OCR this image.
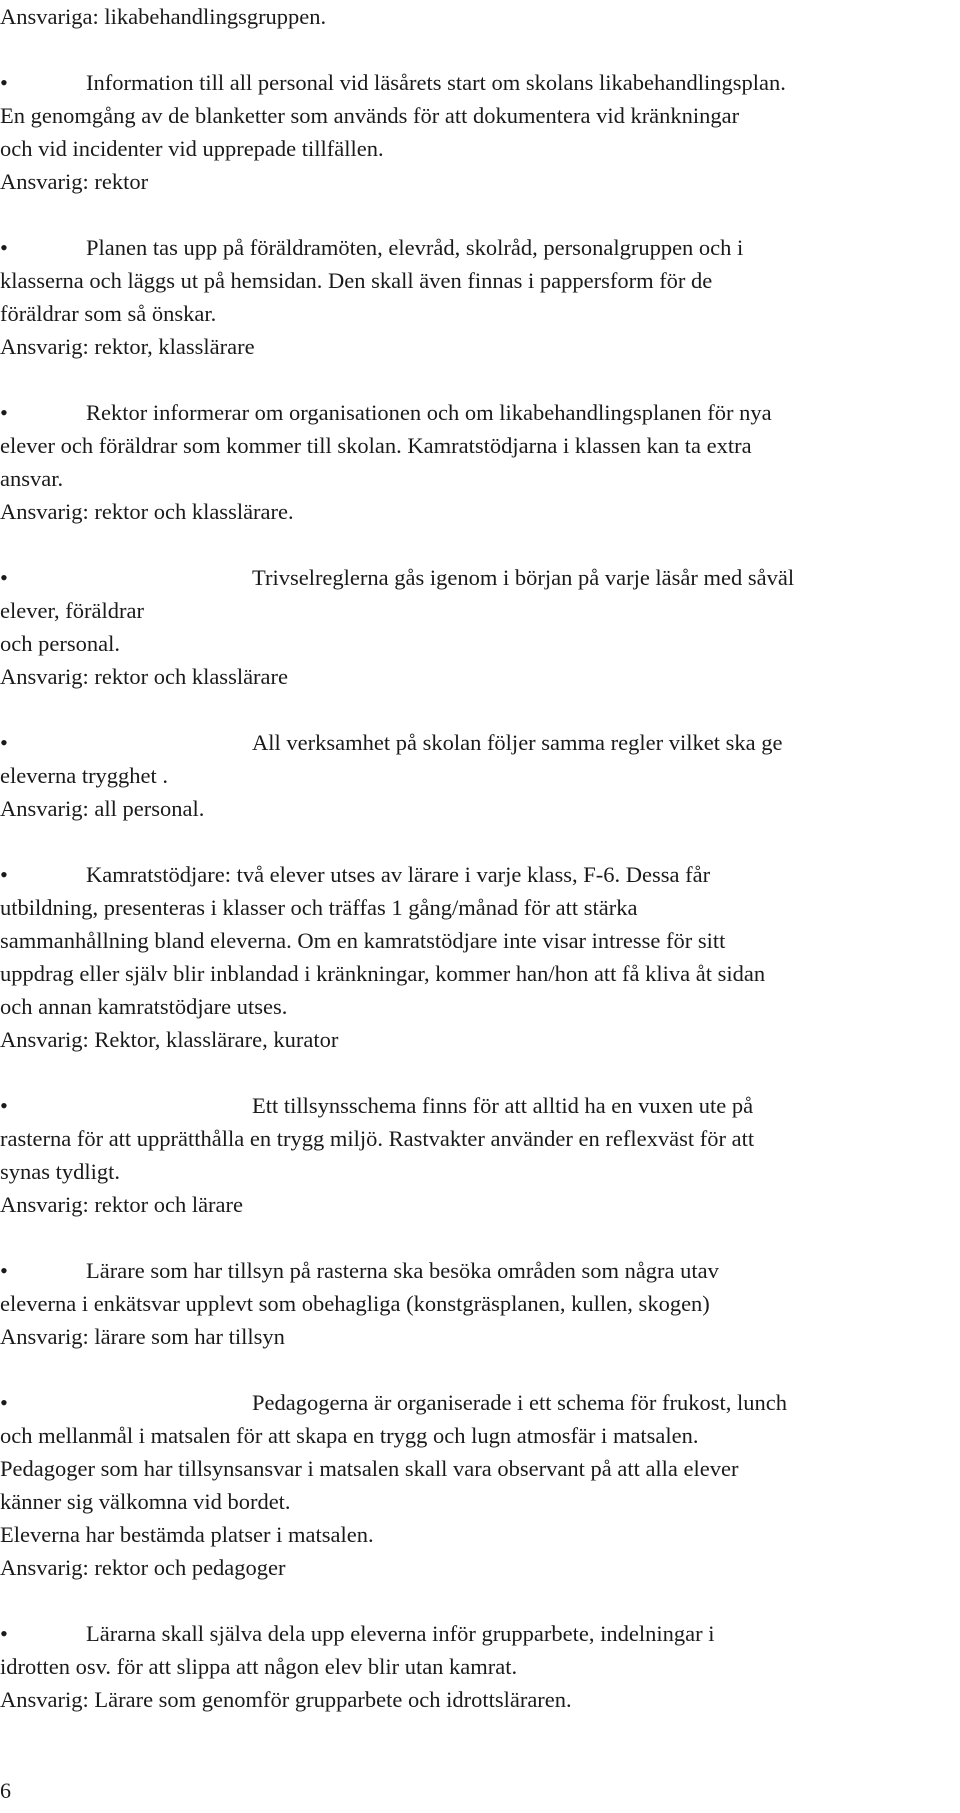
Ansvariga: likabehandlingsgruppen.
•	Information till all personal vid läsårets start om skolans likabehandlingsplan.
En genomgång av de blanketter som används för att dokumentera vid kränkningar
och vid incidenter vid upprepade tillfällen.
Ansvarig: rektor
•	Planen tas upp på föräldramöten, elevråd, skolråd, personalgruppen och i
klasserna och läggs ut på hemsidan. Den skall även finnas i pappersform för de
föräldrar som så önskar.
Ansvarig: rektor, klasslärare
•	Rektor informerar om organisationen och om likabehandlingsplanen för nya
elever och föräldrar som kommer till skolan. Kamratstödjarna i klassen kan ta extra
ansvar.
Ansvarig: rektor och klasslärare.
•	Trivselreglerna gås igenom i början på varje läsår med såväl
elever, föräldrar
och personal.
Ansvarig: rektor och klasslärare
•	All verksamhet på skolan följer samma regler vilket ska ge
eleverna trygghet .
Ansvarig: all personal.
•	Kamratstödjare: två elever utses av lärare i varje klass, F-6. Dessa får
utbildning, presenteras i klasser och träffas 1 gång/månad för att stärka
sammanhållning bland eleverna. Om en kamratstödjare inte visar intresse för sitt
uppdrag eller själv blir inblandad i kränkningar, kommer han/hon att få kliva åt sidan
och annan kamratstödjare utses.
Ansvarig: Rektor, klasslärare, kurator
•	Ett tillsynsschema finns för att alltid ha en vuxen ute på
rasterna för att upprätthålla en trygg miljö. Rastvakter använder en reflexväst för att
synas tydligt.
Ansvarig: rektor och lärare
•	Lärare som har tillsyn på rasterna ska besöka områden som några utav
eleverna i enkätsvar upplevt som obehagliga (konstgräsplanen, kullen, skogen)
Ansvarig: lärare som har tillsyn
•	Pedagogerna är organiserade i ett schema för frukost, lunch
och mellanmål i matsalen för att skapa en trygg och lugn atmosfär i matsalen.
Pedagoger som har tillsynsansvar i matsalen skall vara observant på att alla elever
känner sig välkomna vid bordet.
Eleverna har bestämda platser i matsalen.
Ansvarig: rektor och pedagoger
•	Lärarna skall själva dela upp eleverna inför grupparbete, indelningar i
idrotten osv. för att slippa att någon elev blir utan kamrat.
Ansvarig: Lärare som genomför grupparbete och idrottsläraren.
6
